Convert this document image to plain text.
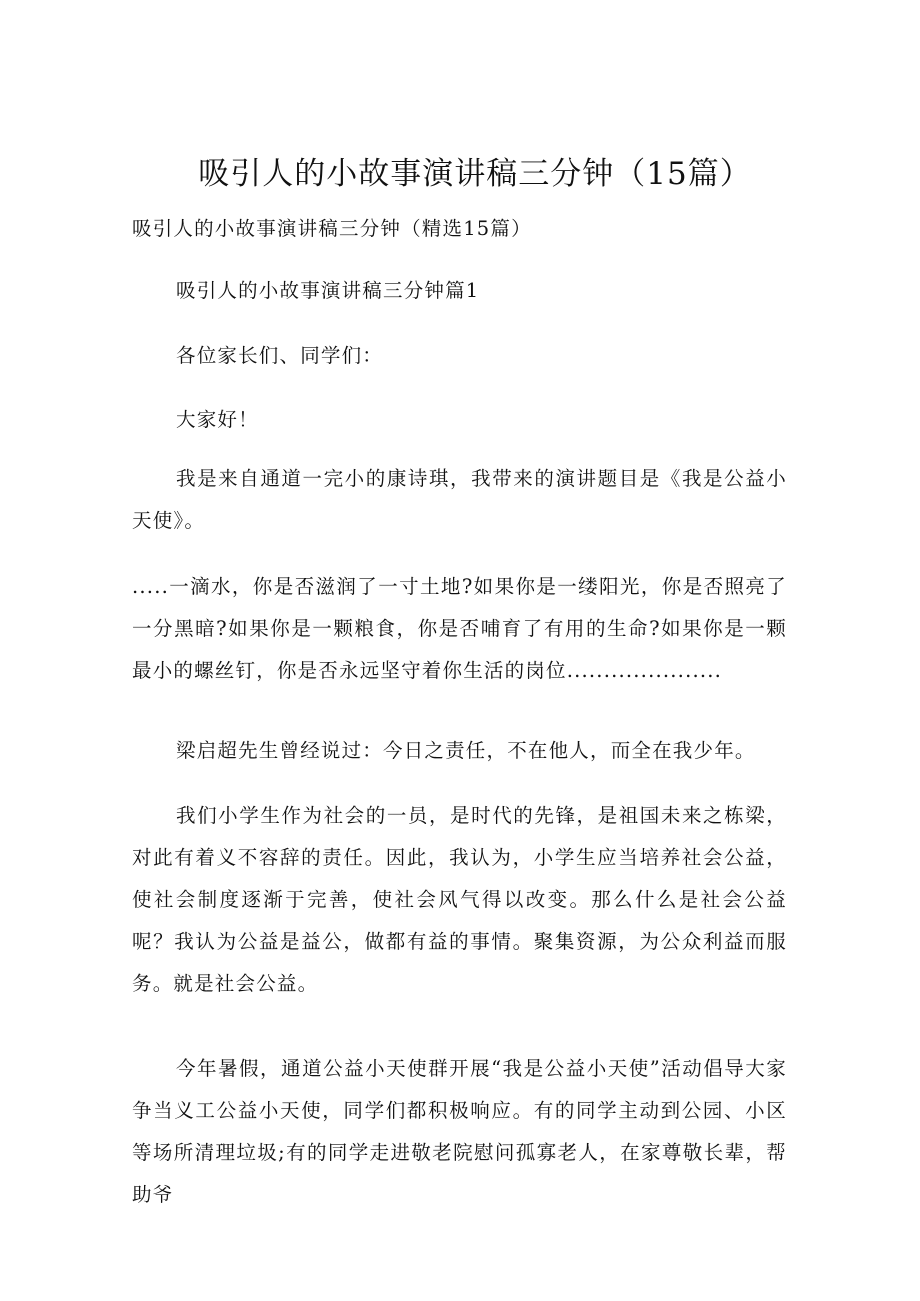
吸引人的小故事演讲稿三分钟（15篇）
吸引人的小故事演讲稿三分钟（精选15篇）
吸引人的小故事演讲稿三分钟篇1
各位家长们、同学们：
大家好！

我是来自通道一完小的康诗琪，我带来的演讲题目是《我是公益小天使》。

.....一滴水，你是否滋润了一寸土地?如果你是一缕阳光，你是否照亮了一分黑暗?如果你是一颗粮食，你是否哺育了有用的生命?如果你是一颗最小的螺丝钉，你是否永远坚守着你生活的岗位.....................

梁启超先生曾经说过：今日之责任，不在他人，而全在我少年。

我们小学生作为社会的一员，是时代的先锋，是祖国未来之栋梁，对此有着义不容辞的责任。因此，我认为，小学生应当培养社会公益，使社会制度逐渐于完善，使社会风气得以改变。那么什么是社会公益呢？我认为公益是益公，做都有益的事情。聚集资源，为公众利益而服务。就是社会公益。

今年暑假，通道公益小天使群开展“我是公益小天使”活动倡导大家争当义工公益小天使，同学们都积极响应。有的同学主动到公园、小区等场所清理垃圾;有的同学走进敬老院慰问孤寡老人，在家尊敬长辈，帮助爷
